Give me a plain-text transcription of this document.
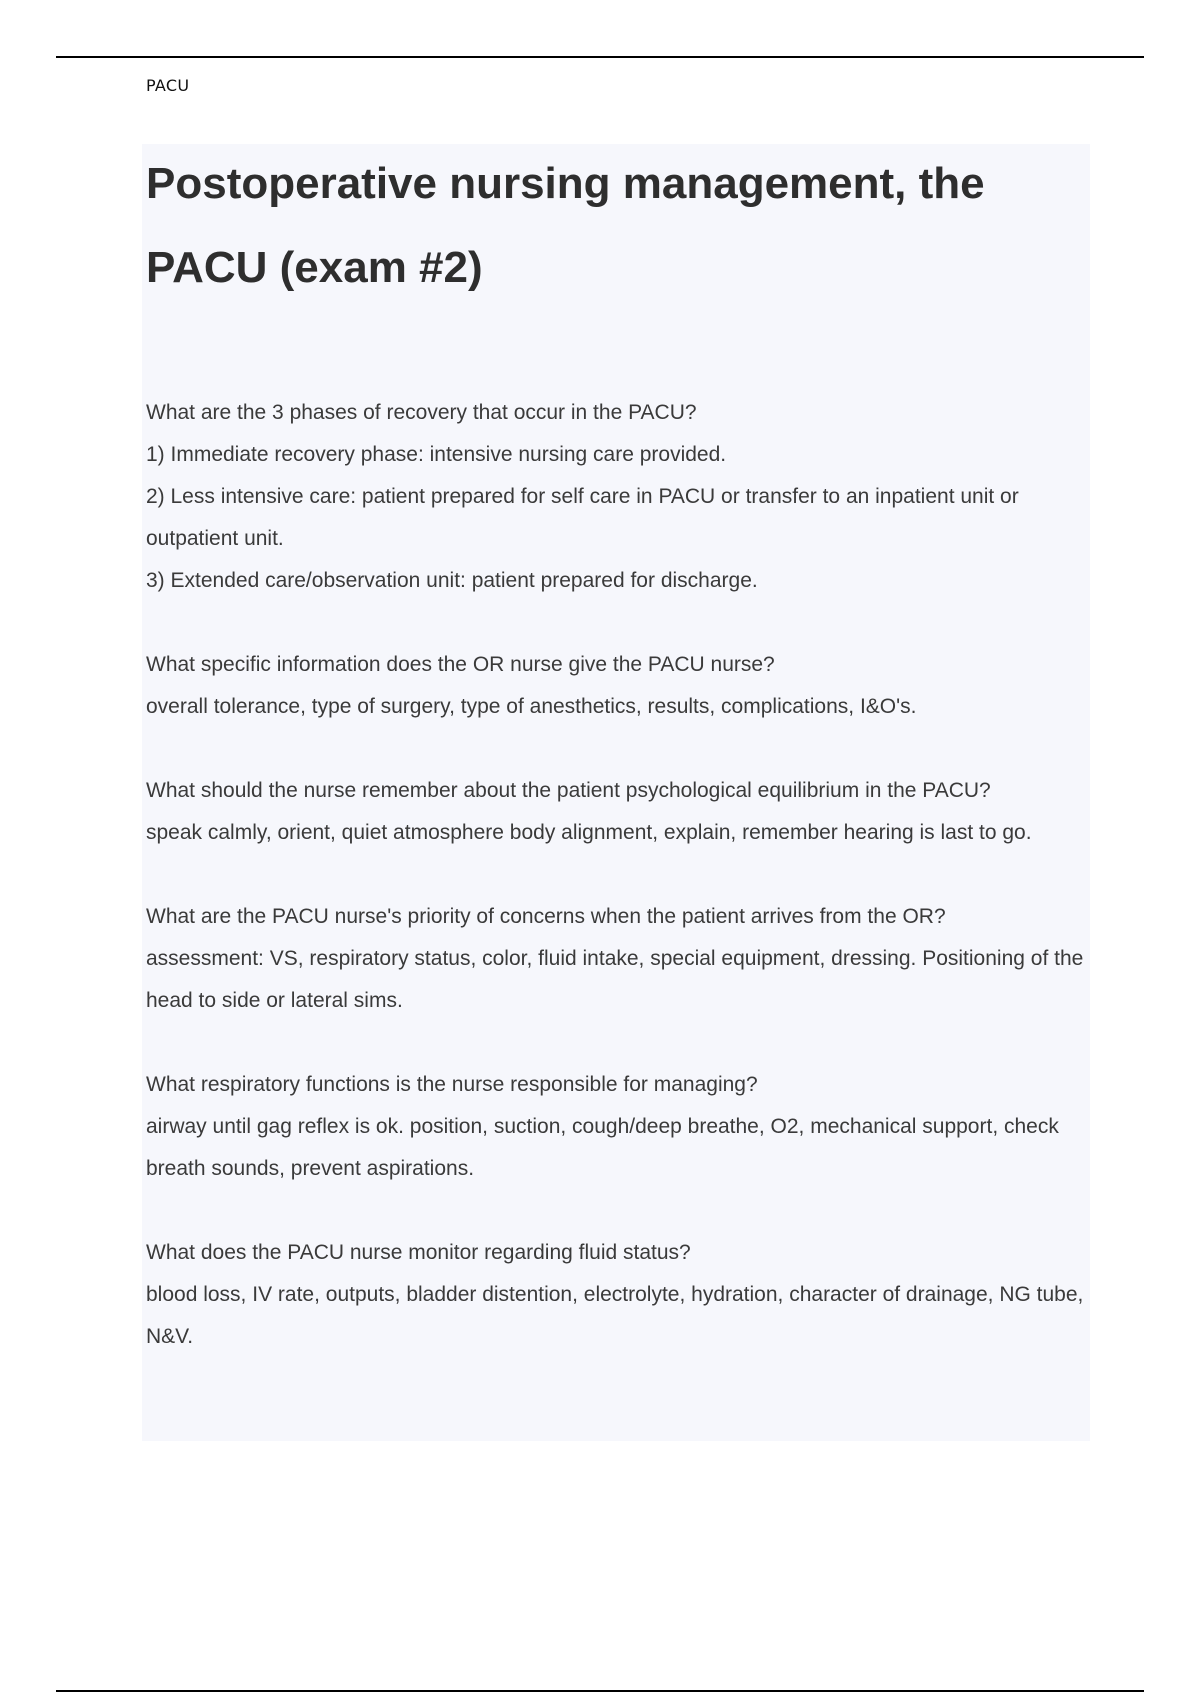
PACU
Postoperative nursing management, the PACU (exam #2)

What are the 3 phases of recovery that occur in the PACU?

1) Immediate recovery phase: intensive nursing care provided.

2) Less intensive care: patient prepared for self care in PACU or transfer to an inpatient unit or outpatient unit.

3) Extended care/observation unit: patient prepared for discharge.

What specific information does the OR nurse give the PACU nurse?

overall tolerance, type of surgery, type of anesthetics, results, complications, I&O's.

What should the nurse remember about the patient psychological equilibrium in the PACU?

speak calmly, orient, quiet atmosphere body alignment, explain, remember hearing is last to go.

What are the PACU nurse's priority of concerns when the patient arrives from the OR?

assessment: VS, respiratory status, color, fluid intake, special equipment, dressing. Positioning of the head to side or lateral sims.

What respiratory functions is the nurse responsible for managing?

airway until gag reflex is ok. position, suction, cough/deep breathe, O2, mechanical support, check breath sounds, prevent aspirations.

What does the PACU nurse monitor regarding fluid status?

blood loss, IV rate, outputs, bladder distention, electrolyte, hydration, character of drainage, NG tube, N&V.
